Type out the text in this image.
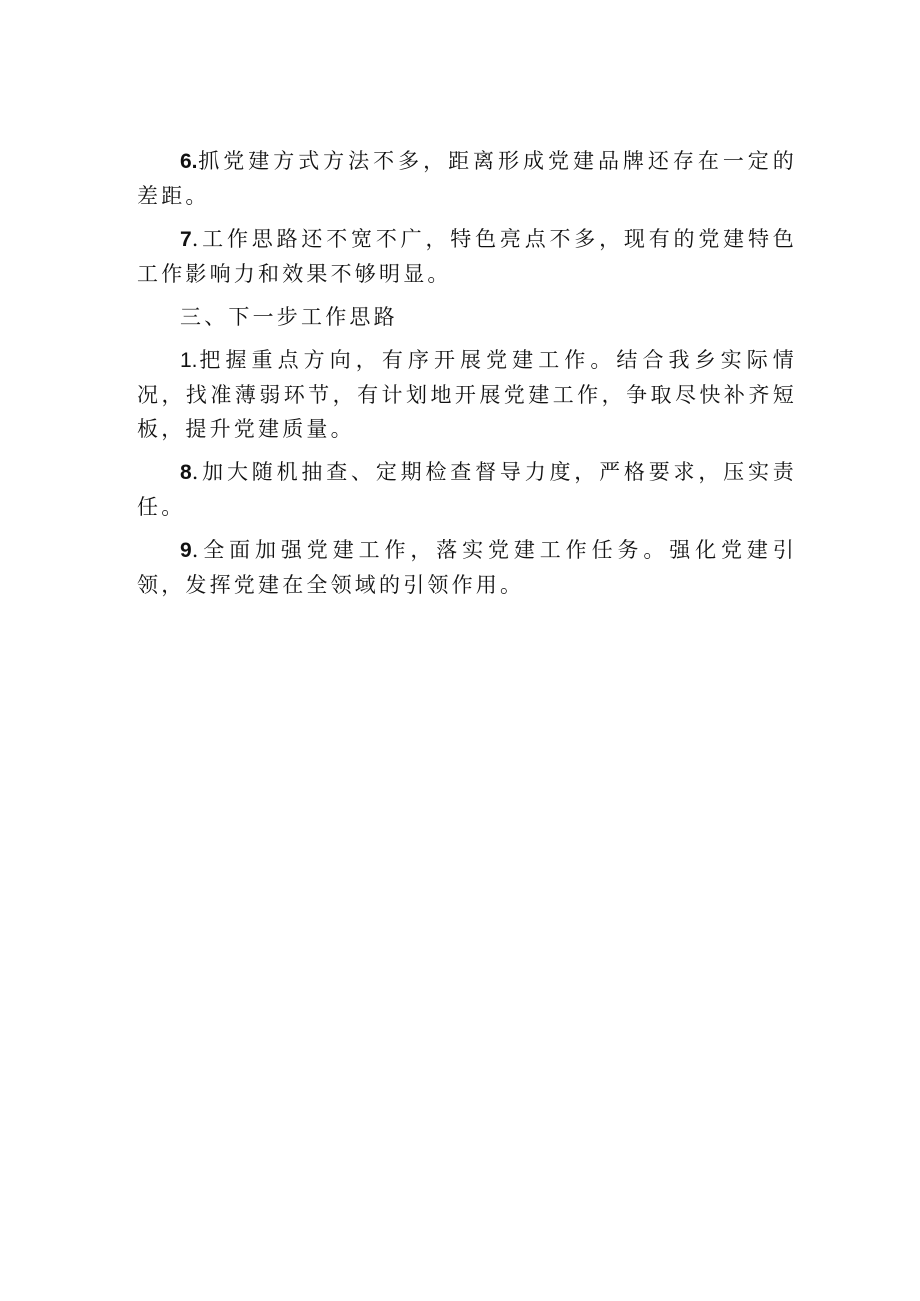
6.抓党建方式方法不多，距离形成党建品牌还存在一定的差距。

7.工作思路还不宽不广，特色亮点不多，现有的党建特色工作影响力和效果不够明显。

三、下一步工作思路

1.把握重点方向，有序开展党建工作。结合我乡实际情况，找准薄弱环节，有计划地开展党建工作，争取尽快补齐短板，提升党建质量。

8.加大随机抽查、定期检查督导力度，严格要求，压实责任。

9.全面加强党建工作，落实党建工作任务。强化党建引领，发挥党建在全领域的引领作用。
